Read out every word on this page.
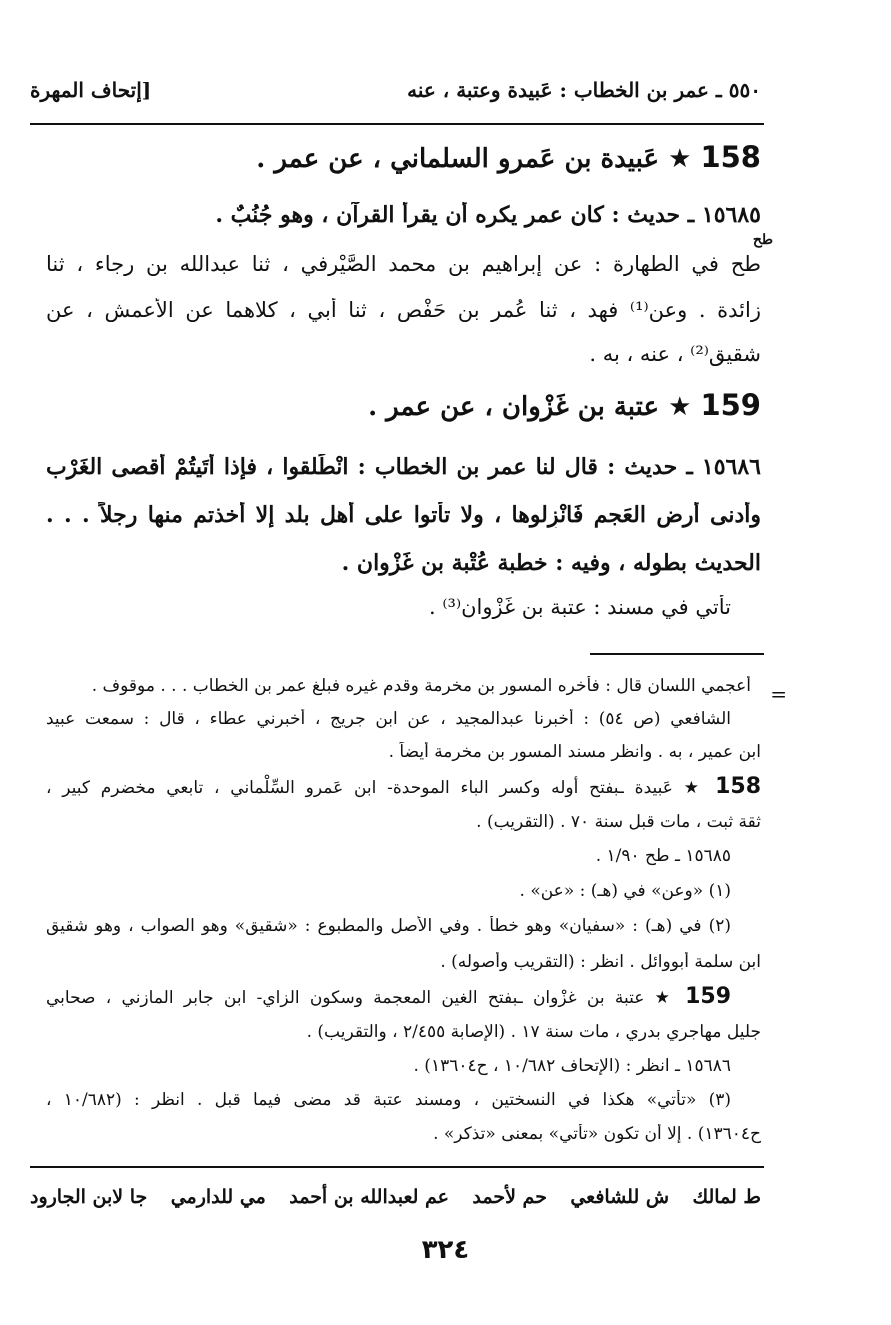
٥٥٠ ـ عمر بن الخطاب : عَبيدة وعتبة ، عنه
[إتحاف المهرة
158 ★ عَبيدة بن عَمرو السلماني ، عن عمر .
١٥٦٨٥ ـ حديث : كان عمر يكره أن يقرأ القرآن ، وهو جُنُبٌ .
طح في الطهارة : عن إبراهيم بن محمد الصَّيْرفي ، ثنا عبدالله بن رجاء ، ثنا
زائدة . وعن⁽¹⁾ فهد ، ثنا عُمر بن حَفْص ، ثنا أبي ، كلاهما عن الأعمش ، عن
شقيق⁽²⁾ ، عنه ، به .
159 ★ عتبة بن غَزْوان ، عن عمر .
١٥٦٨٦ ـ حديث : قال لنا عمر بن الخطاب : انْطَلقوا ، فإذا أَتَيتُمْ أقصى الغَرْب
وأدنى أرض العَجم فَانْزِلوها ، ولا تأتوا على أهل بلد إلا أخذتم منها رجلاً . . .
الحديث بطوله ، وفيه : خطبة عُتْبة بن غَزْوان .
تأتي في مسند : عتبة بن غَزْوان⁽³⁾ .
طح
=
أعجمي اللسان قال : فأخره المسور بن مخرمة وقدم غيره فبلغ عمر بن الخطاب . . . موقوف .
الشافعي (ص ٥٤) : أخبرنا عبدالمجيد ، عن ابن جريج ، أخبرني عطاء ، قال : سمعت عبيد
ابن عمير ، به . وانظر مسند المسور بن مخرمة أيضاً .
158 ★ عَبيدة ـبفتح أوله وكسر الباء الموحدة‐ ابن عَمرو السِّلْماني ، تابعي مخضرم كبير ،
ثقة ثبت ، مات قبل سنة ٧٠ . (التقريب) .
١٥٦٨٥ ـ طح ١/٩٠ .
(١) «وعن» في (هـ) : «عن» .
(٢) في (هـ) : «سفيان» وهو خطأ . وفي الأصل والمطبوع : «شقيق» وهو الصواب ، وهو شقيق
ابن سلمة أبووائل . انظر : (التقريب وأصوله) .
159 ★ عتبة بن غزْوان ـبفتح الغين المعجمة وسكون الزاي‐ ابن جابر المازني ، صحابي
جليل مهاجري بدري ، مات سنة ١٧ . (الإصابة ٢/٤٥٥ ، والتقريب) .
١٥٦٨٦ ـ انظر : (الإتحاف ١٠/٦٨٢ ، ح١٣٦٠٤) .
(٣) «تأتي» هكذا في النسختين ، ومسند عتبة قد مضى فيما قبل . انظر : (١٠/٦٨٢ ،
ح١٣٦٠٤) . إلا أن تكون «تأتي» بمعنى «تذكر» .
ط لمالك
ش للشافعي
حم لأحمد
عم لعبدالله بن أحمد
مي للدارمي
جا لابن الجارود
٣٢٤
